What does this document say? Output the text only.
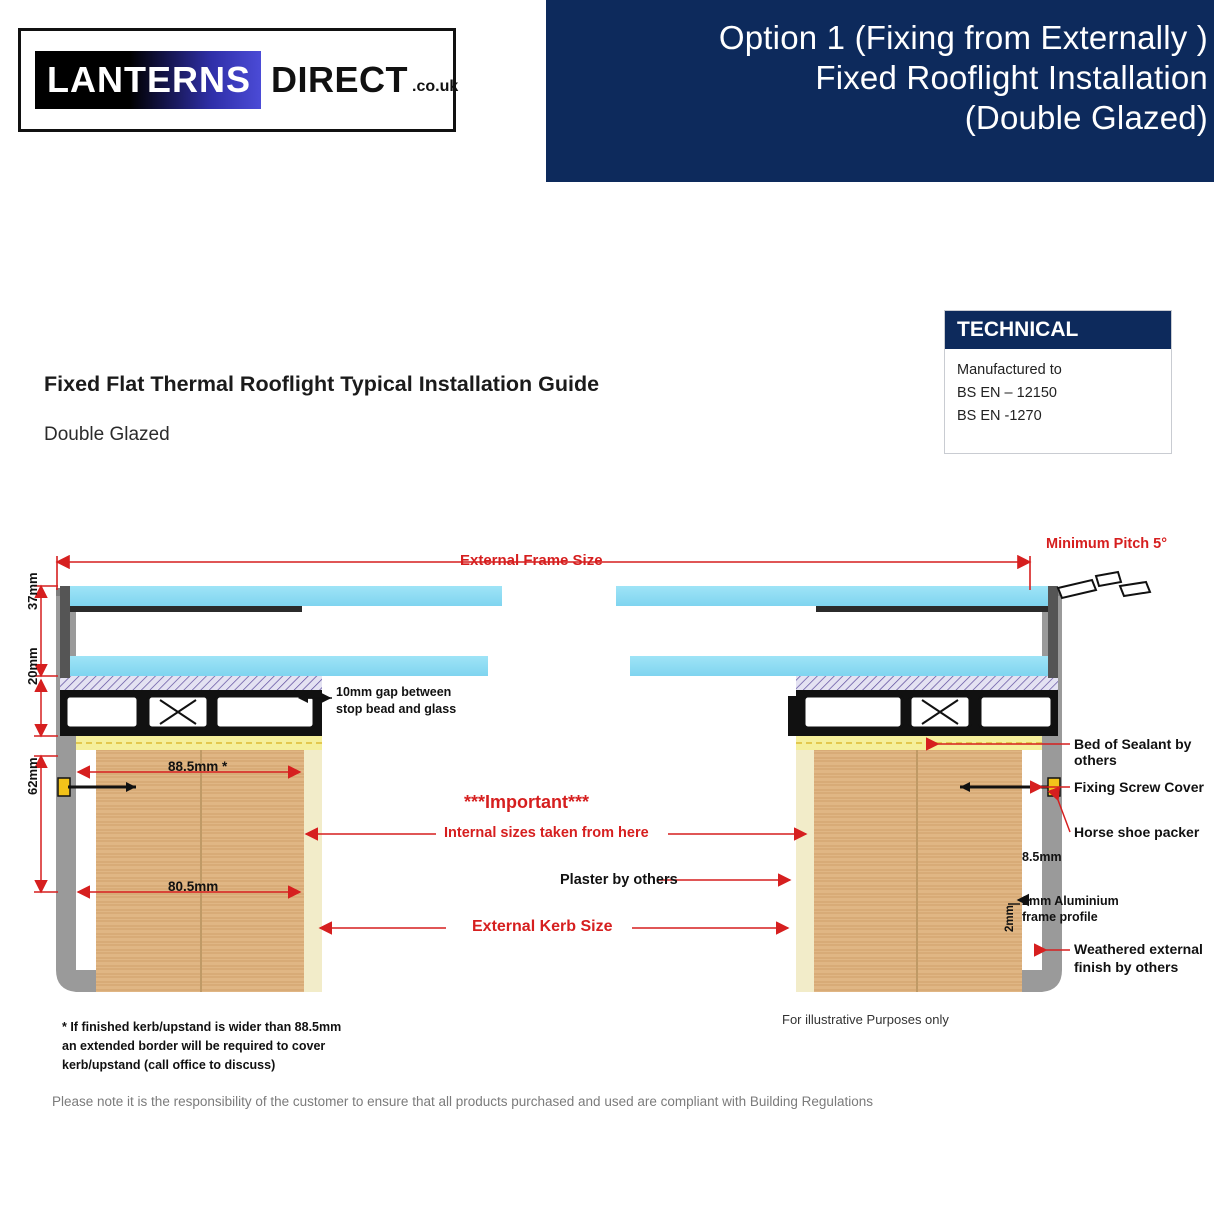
Option 1 (Fixing from Externally )
Fixed Rooflight Installation
(Double Glazed)
LANTERNS DIRECT .co.uk
TECHNICAL
Manufactured to
BS EN – 12150
BS EN -1270
Fixed Flat Thermal Rooflight Typical Installation Guide
Double Glazed
External Frame Size
Minimum Pitch 5°
37mm
20mm
62mm	88.5mm *
80.5mm
10mm gap between
stop bead and glass
***Important***
Internal sizes taken from here
Plaster by others
External Kerb Size
Bed of Sealant by others
Fixing Screw Cover
Horse shoe packer
8.5mm
2mm Aluminium
frame profile
2mm
Weathered external
finish by others
* If finished kerb/upstand is wider than 88.5mm
an extended border will be required to cover
kerb/upstand (call office to discuss)
For illustrative Purposes only
Please note it is the responsibility of the customer to ensure that all products purchased and used are compliant with Building Regulations
